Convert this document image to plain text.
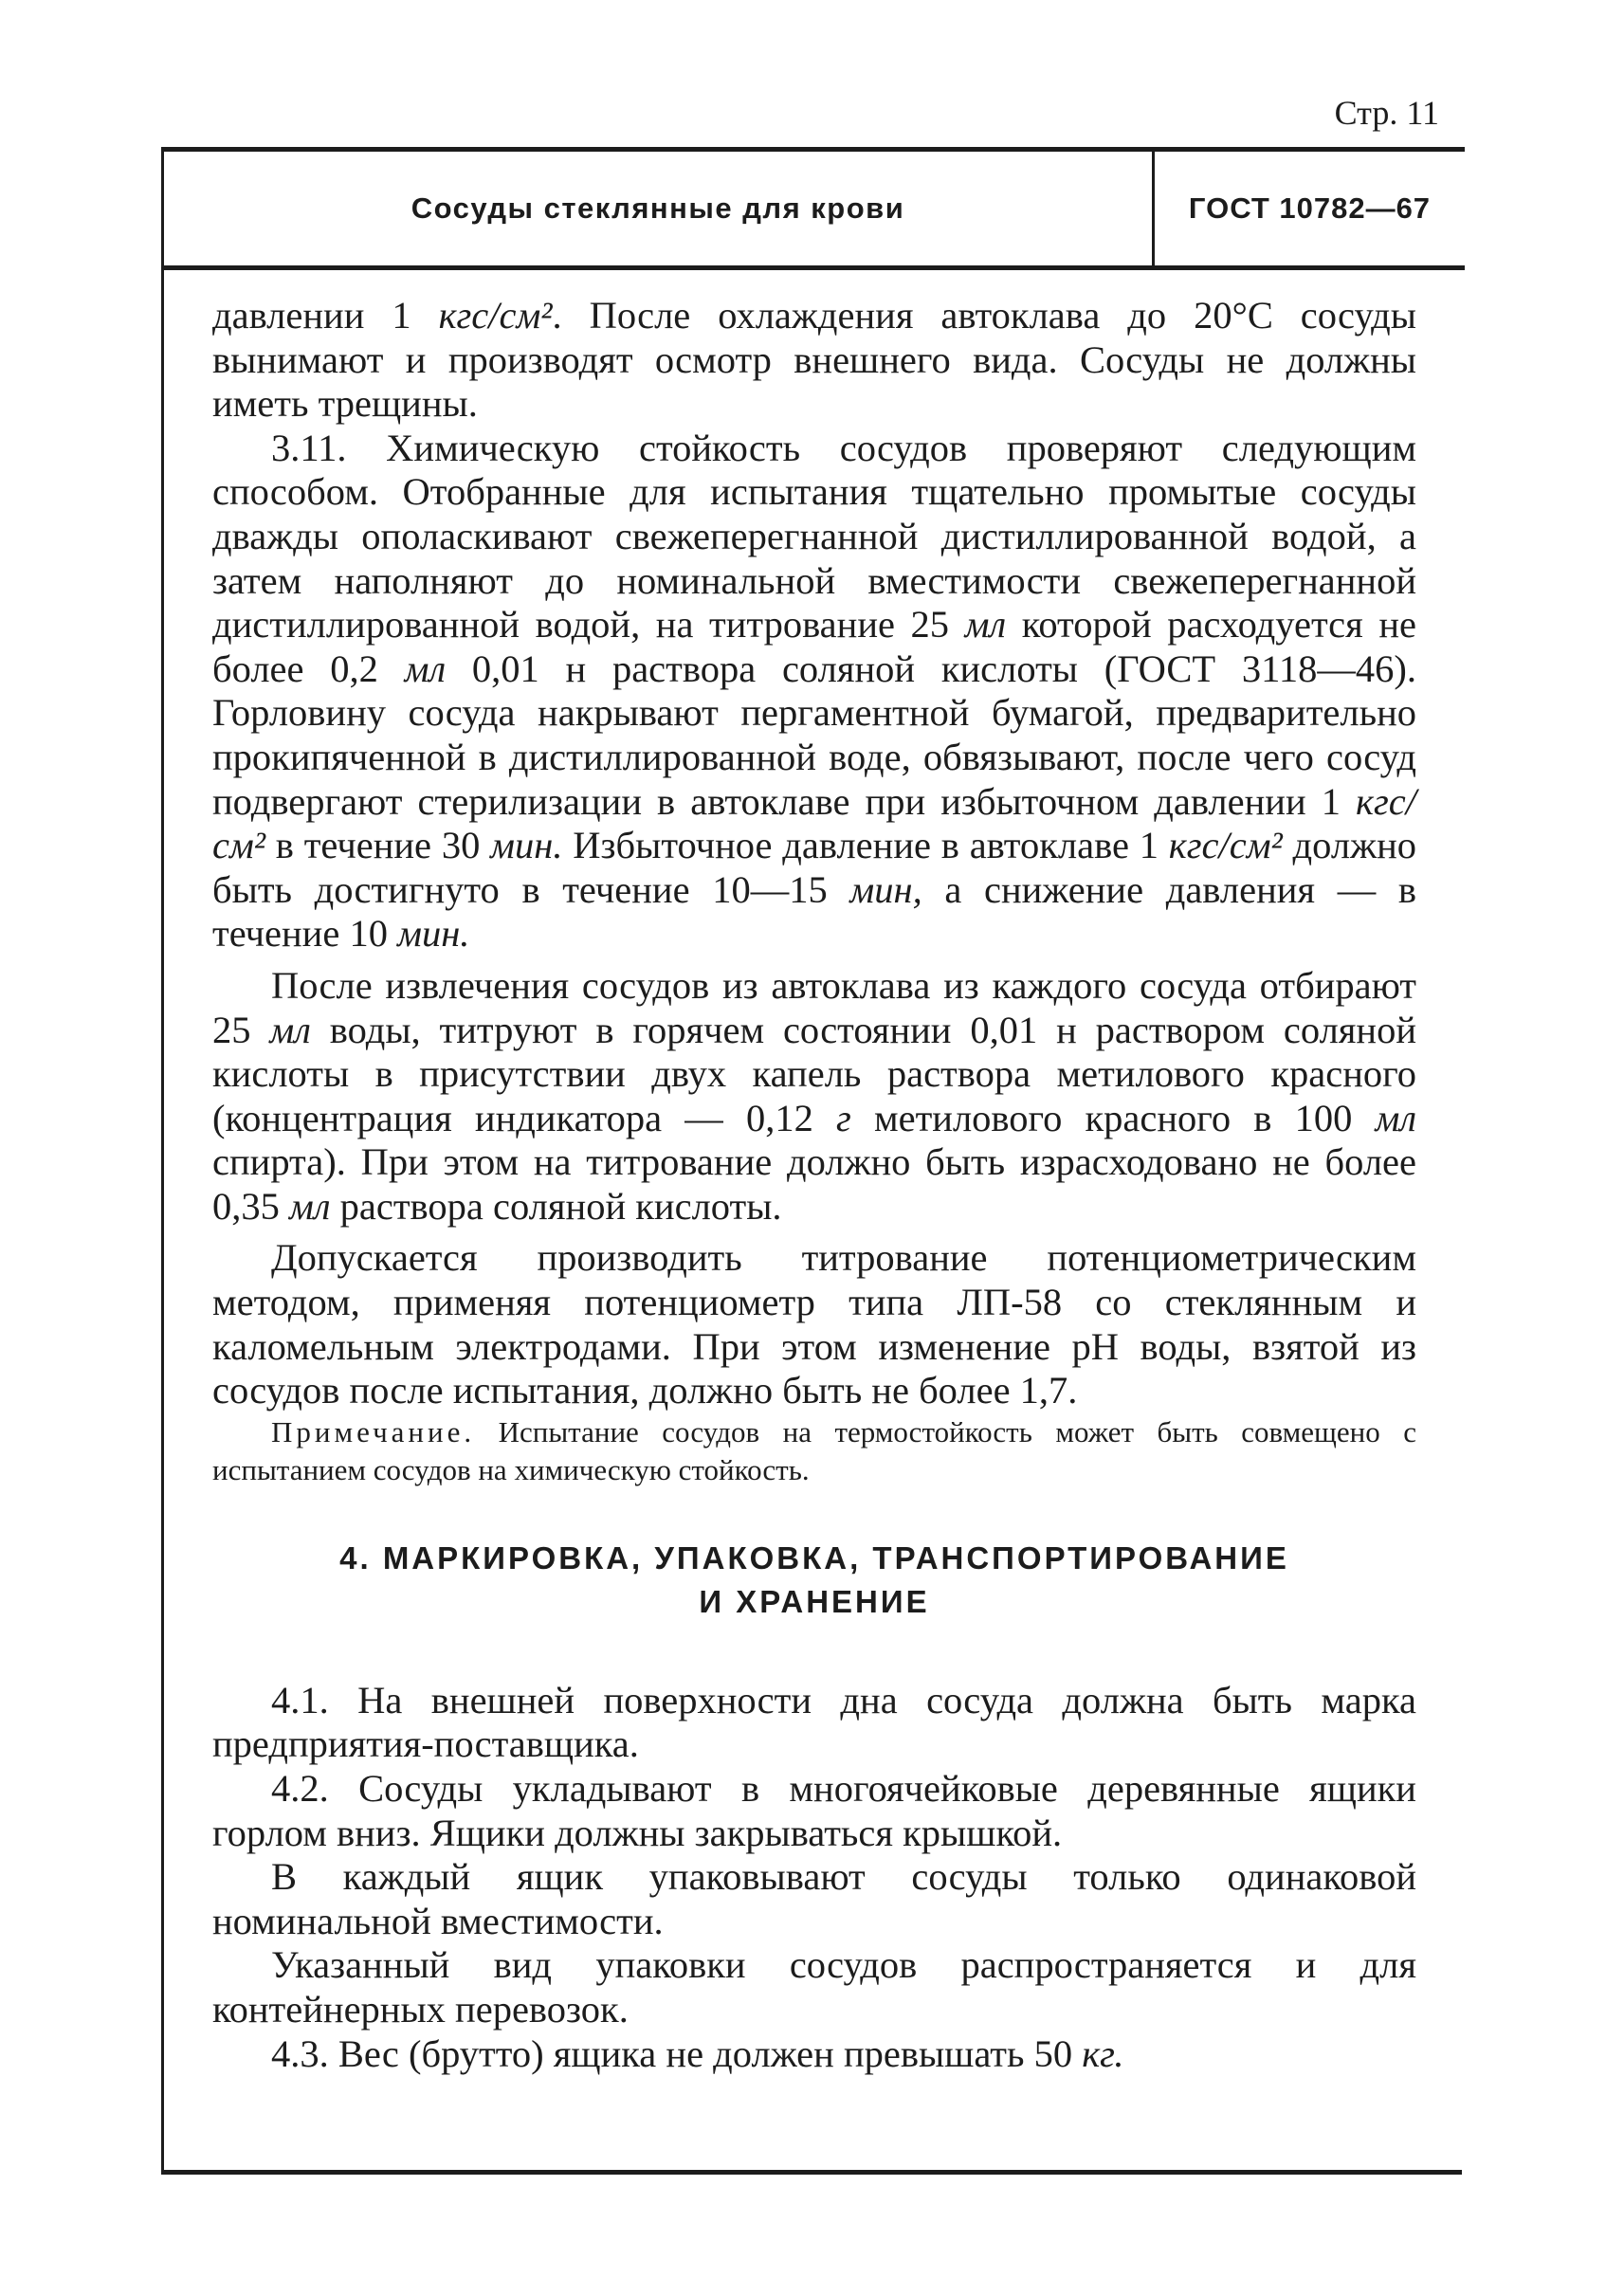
Стр. 11
Сосуды стеклянные для крови	ГОСТ 10782—67

давлении 1 кгс/см². После охлаждения автоклава до 20°С сосуды вынимают и производят осмотр внешнего вида. Сосуды не должны иметь трещины.

3.11. Химическую стойкость сосудов проверяют следующим способом. Отобранные для испытания тщательно промытые сосуды дважды ополаскивают свежеперегнанной дистиллированной водой, а затем наполняют до номинальной вместимости свежеперегнанной дистиллированной водой, на титрование 25 мл которой расходуется не более 0,2 мл 0,01 н раствора соляной кислоты (ГОСТ 3118—46). Горловину сосуда накрывают пергаментной бумагой, предварительно прокипяченной в дистиллированной воде, обвязывают, после чего сосуд подвергают стерилизации в автоклаве при избыточном давлении 1 кгс/см² в течение 30 мин. Избыточное давление в автоклаве 1 кгс/см² должно быть достигнуто в течение 10—15 мин, а снижение давления — в течение 10 мин.

После извлечения сосудов из автоклава из каждого сосуда отбирают 25 мл воды, титруют в горячем состоянии 0,01 н раствором соляной кислоты в присутствии двух капель раствора метилового красного (концентрация индикатора — 0,12 г метилового красного в 100 мл спирта). При этом на титрование должно быть израсходовано не более 0,35 мл раствора соляной кислоты.

Допускается производить титрование потенциометрическим методом, применяя потенциометр типа ЛП-58 со стеклянным и каломельным электродами. При этом изменение рН воды, взятой из сосудов после испытания, должно быть не более 1,7.

Примечание. Испытание сосудов на термостойкость может быть совмещено с испытанием сосудов на химическую стойкость.

4. МАРКИРОВКА, УПАКОВКА, ТРАНСПОРТИРОВАНИЕ
И ХРАНЕНИЕ

4.1. На внешней поверхности дна сосуда должна быть марка предприятия-поставщика.

4.2. Сосуды укладывают в многоячейковые деревянные ящики горлом вниз. Ящики должны закрываться крышкой.

В каждый ящик упаковывают сосуды только одинаковой номинальной вместимости.

Указанный вид упаковки сосудов распространяется и для контейнерных перевозок.

4.3. Вес (брутто) ящика не должен превышать 50 кг.
